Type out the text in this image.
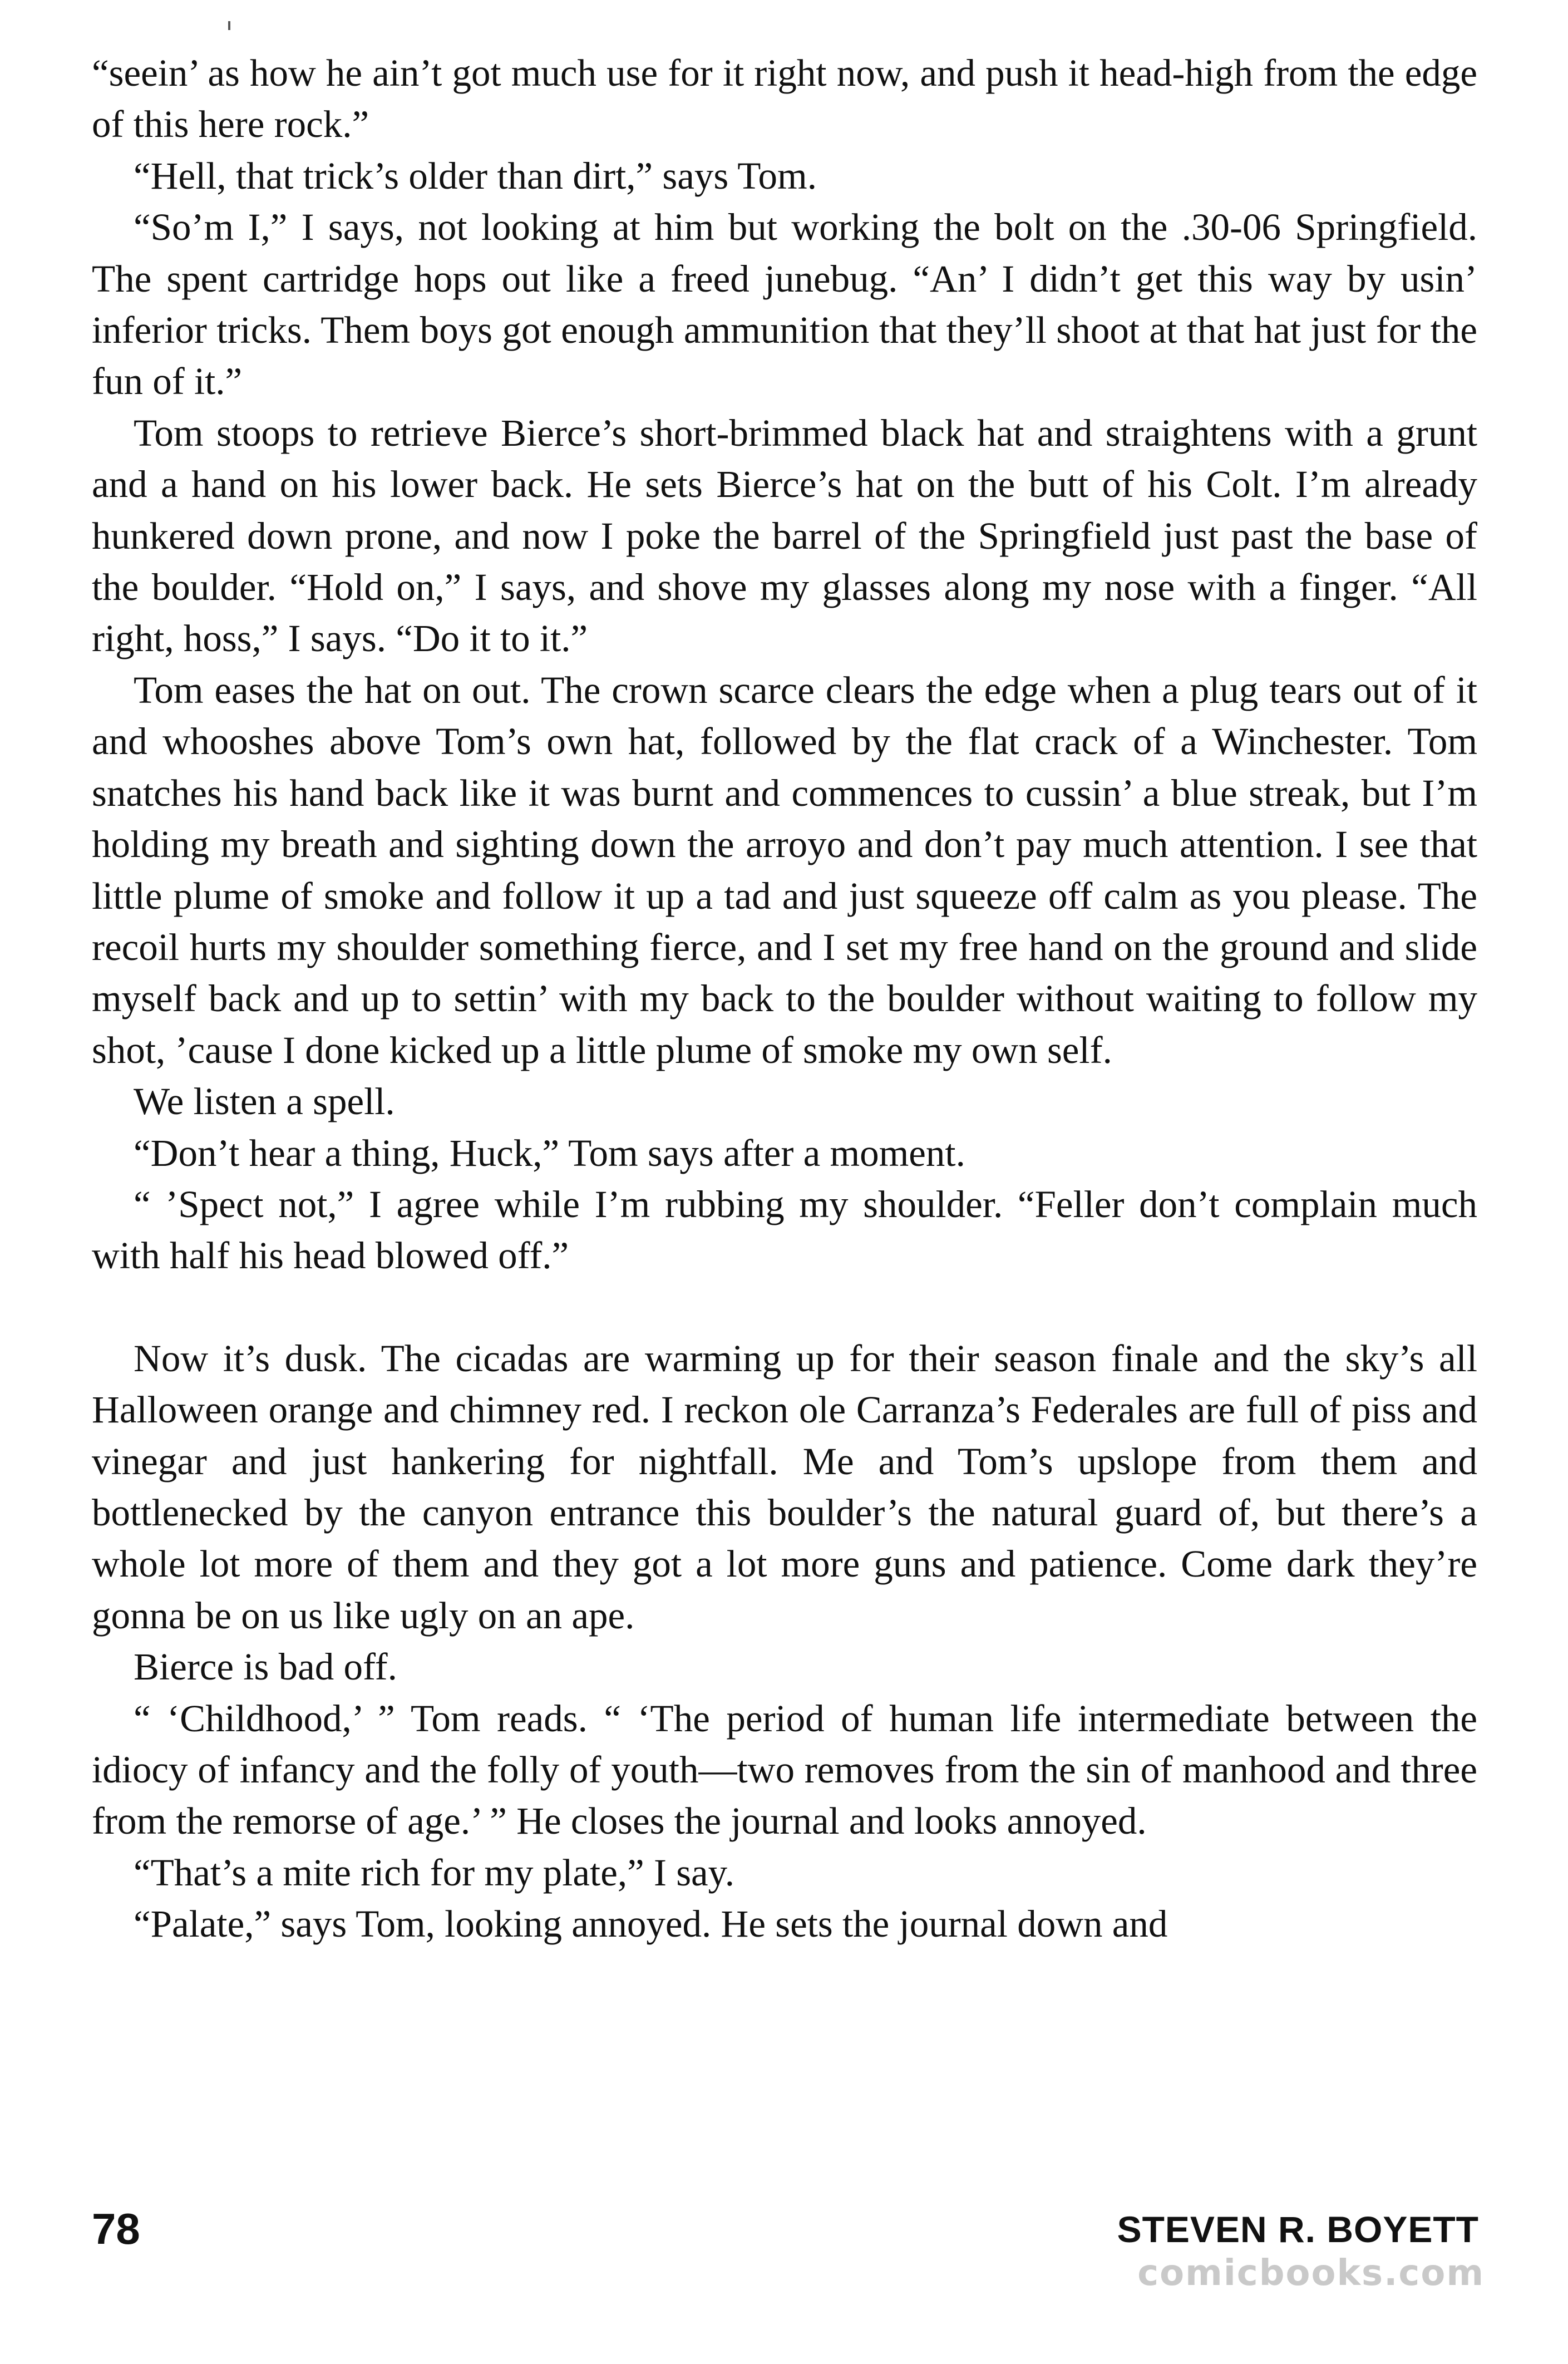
“seein’ as how he ain’t got much use for it right now, and push it head-high from the edge of this here rock.”

“Hell, that trick’s older than dirt,” says Tom.

“So’m I,” I says, not looking at him but working the bolt on the .30-06 Springfield. The spent cartridge hops out like a freed junebug. “An’ I didn’t get this way by usin’ inferior tricks. Them boys got enough ammunition that they’ll shoot at that hat just for the fun of it.”

Tom stoops to retrieve Bierce’s short-brimmed black hat and straightens with a grunt and a hand on his lower back. He sets Bierce’s hat on the butt of his Colt. I’m already hunkered down prone, and now I poke the barrel of the Springfield just past the base of the boulder. “Hold on,” I says, and shove my glasses along my nose with a finger. “All right, hoss,” I says. “Do it to it.”

Tom eases the hat on out. The crown scarce clears the edge when a plug tears out of it and whooshes above Tom’s own hat, followed by the flat crack of a Winchester. Tom snatches his hand back like it was burnt and commences to cussin’ a blue streak, but I’m holding my breath and sighting down the arroyo and don’t pay much attention. I see that little plume of smoke and follow it up a tad and just squeeze off calm as you please. The recoil hurts my shoulder something fierce, and I set my free hand on the ground and slide myself back and up to settin’ with my back to the boulder without waiting to follow my shot, ’cause I done kicked up a little plume of smoke my own self.

We listen a spell.

“Don’t hear a thing, Huck,” Tom says after a moment.

“ ’Spect not,” I agree while I’m rubbing my shoulder. “Feller don’t complain much with half his head blowed off.”

Now it’s dusk. The cicadas are warming up for their season finale and the sky’s all Halloween orange and chimney red. I reckon ole Carranza’s Federales are full of piss and vinegar and just hankering for nightfall. Me and Tom’s upslope from them and bottlenecked by the canyon entrance this boulder’s the natural guard of, but there’s a whole lot more of them and they got a lot more guns and patience. Come dark they’re gonna be on us like ugly on an ape.

Bierce is bad off.

“ ‘Childhood,’ ” Tom reads. “ ‘The period of human life intermediate between the idiocy of infancy and the folly of youth—two removes from the sin of manhood and three from the remorse of age.’ ” He closes the journal and looks annoyed.

“That’s a mite rich for my plate,” I say.

“Palate,” says Tom, looking annoyed. He sets the journal down and

78	STEVEN R. BOYETT
comicbooks.com
